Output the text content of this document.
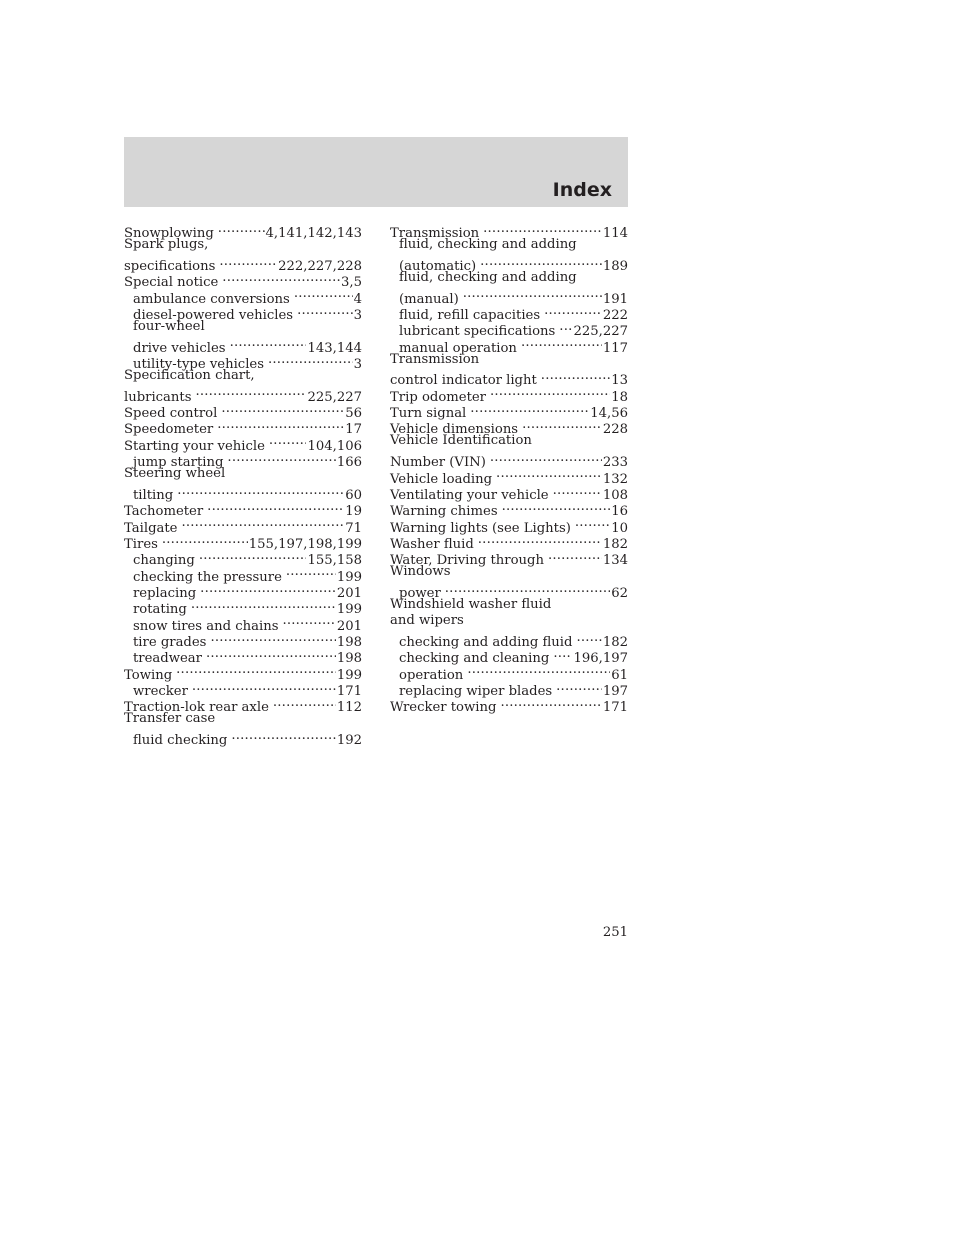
Index
Snowplowing .....	4,141,142,143
Spark plugs,
specifications .....	222,227,228
Special notice .....	3,5
ambulance conversions .....	4
diesel-powered vehicles .....	3
four-wheel
drive vehicles .....	143,144
utility-type vehicles .....	3
Specification chart,
lubricants .....	225,227
Speed control .....	56
Speedometer .....	17
Starting your vehicle .....	104,106
jump starting .....	166
Steering wheel
tilting .....	60
Tachometer .....	19
Tailgate .....	71
Tires .....	155,197,198,199
changing .....	155,158
checking the pressure .....	199
replacing .....	201
rotating .....	199
snow tires and chains .....	201
tire grades .....	198
treadwear .....	198
Towing .....	199
wrecker .....	171
Traction-lok rear axle .....	112
Transfer case
fluid checking .....	192
Transmission .....	114
fluid, checking and adding
(automatic) .....	189
fluid, checking and adding
(manual) .....	191
fluid, refill capacities .....	222
lubricant specifications ..... 225,227
manual operation .....	117
Transmission
control indicator light .....	13
Trip odometer .....	18
Turn signal .....	14,56
Vehicle dimensions .....	228
Vehicle Identification
Number (VIN) .....	233
Vehicle loading .....	132
Ventilating your vehicle .....	108
Warning chimes .....	16
Warning lights (see Lights) .....	10
Washer fluid .....	182
Water, Driving through .....	134
Windows
power .....	62
Windshield washer fluid
and wipers
checking and adding fluid ..... 182
checking and cleaning ..... 196,197
operation .....	61
replacing wiper blades .....	197
Wrecker towing .....	171
251
